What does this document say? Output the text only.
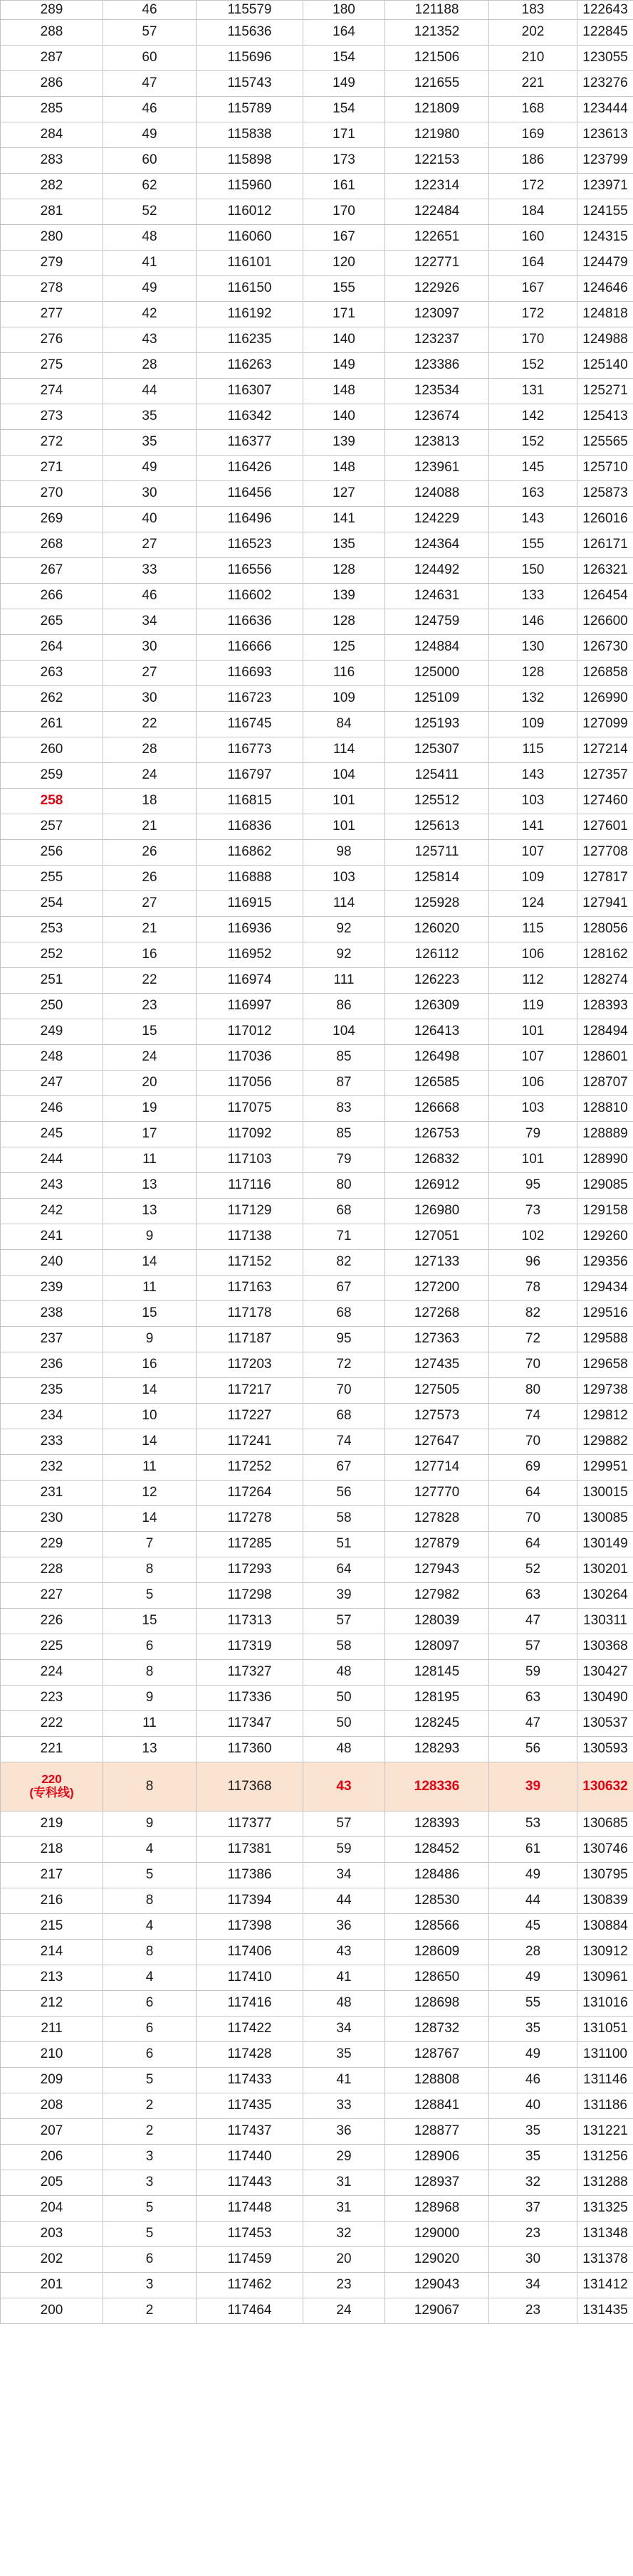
289	46	115579	180	121188	183	122643
288	57	115636	164	121352	202	122845
287	60	115696	154	121506	210	123055
286	47	115743	149	121655	221	123276
285	46	115789	154	121809	168	123444
284	49	115838	171	121980	169	123613
283	60	115898	173	122153	186	123799
282	62	115960	161	122314	172	123971
281	52	116012	170	122484	184	124155
280	48	116060	167	122651	160	124315
279	41	116101	120	122771	164	124479
278	49	116150	155	122926	167	124646
277	42	116192	171	123097	172	124818
276	43	116235	140	123237	170	124988
275	28	116263	149	123386	152	125140
274	44	116307	148	123534	131	125271
273	35	116342	140	123674	142	125413
272	35	116377	139	123813	152	125565
271	49	116426	148	123961	145	125710
270	30	116456	127	124088	163	125873
269	40	116496	141	124229	143	126016
268	27	116523	135	124364	155	126171
267	33	116556	128	124492	150	126321
266	46	116602	139	124631	133	126454
265	34	116636	128	124759	146	126600
264	30	116666	125	124884	130	126730
263	27	116693	116	125000	128	126858
262	30	116723	109	125109	132	126990
261	22	116745	84	125193	109	127099
260	28	116773	114	125307	115	127214
259	24	116797	104	125411	143	127357
258	18	116815	101	125512	103	127460
257	21	116836	101	125613	141	127601
256	26	116862	98	125711	107	127708
255	26	116888	103	125814	109	127817
254	27	116915	114	125928	124	127941
253	21	116936	92	126020	115	128056
252	16	116952	92	126112	106	128162
251	22	116974	111	126223	112	128274
250	23	116997	86	126309	119	128393
249	15	117012	104	126413	101	128494
248	24	117036	85	126498	107	128601
247	20	117056	87	126585	106	128707
246	19	117075	83	126668	103	128810
245	17	117092	85	126753	79	128889
244	11	117103	79	126832	101	128990
243	13	117116	80	126912	95	129085
242	13	117129	68	126980	73	129158
241	9	117138	71	127051	102	129260
240	14	117152	82	127133	96	129356
239	11	117163	67	127200	78	129434
238	15	117178	68	127268	82	129516
237	9	117187	95	127363	72	129588
236	16	117203	72	127435	70	129658
235	14	117217	70	127505	80	129738
234	10	117227	68	127573	74	129812
233	14	117241	74	127647	70	129882
232	11	117252	67	127714	69	129951
231	12	117264	56	127770	64	130015
230	14	117278	58	127828	70	130085
229	7	117285	51	127879	64	130149
228	8	117293	64	127943	52	130201
227	5	117298	39	127982	63	130264
226	15	117313	57	128039	47	130311
225	6	117319	58	128097	57	130368
224	8	117327	48	128145	59	130427
223	9	117336	50	128195	63	130490
222	11	117347	50	128245	47	130537
221	13	117360	48	128293	56	130593

220
(专科线)	8	117368	43	128336	39	130632
219	9	117377	57	128393	53	130685
218	4	117381	59	128452	61	130746
217	5	117386	34	128486	49	130795
216	8	117394	44	128530	44	130839
215	4	117398	36	128566	45	130884
214	8	117406	43	128609	28	130912
213	4	117410	41	128650	49	130961
212	6	117416	48	128698	55	131016
211	6	117422	34	128732	35	131051
210	6	117428	35	128767	49	131100
209	5	117433	41	128808	46	131146
208	2	117435	33	128841	40	131186
207	2	117437	36	128877	35	131221
206	3	117440	29	128906	35	131256
205	3	117443	31	128937	32	131288
204	5	117448	31	128968	37	131325
203	5	117453	32	129000	23	131348
202	6	117459	20	129020	30	131378
201	3	117462	23	129043	34	131412
200	2	117464	24	129067	23	131435
